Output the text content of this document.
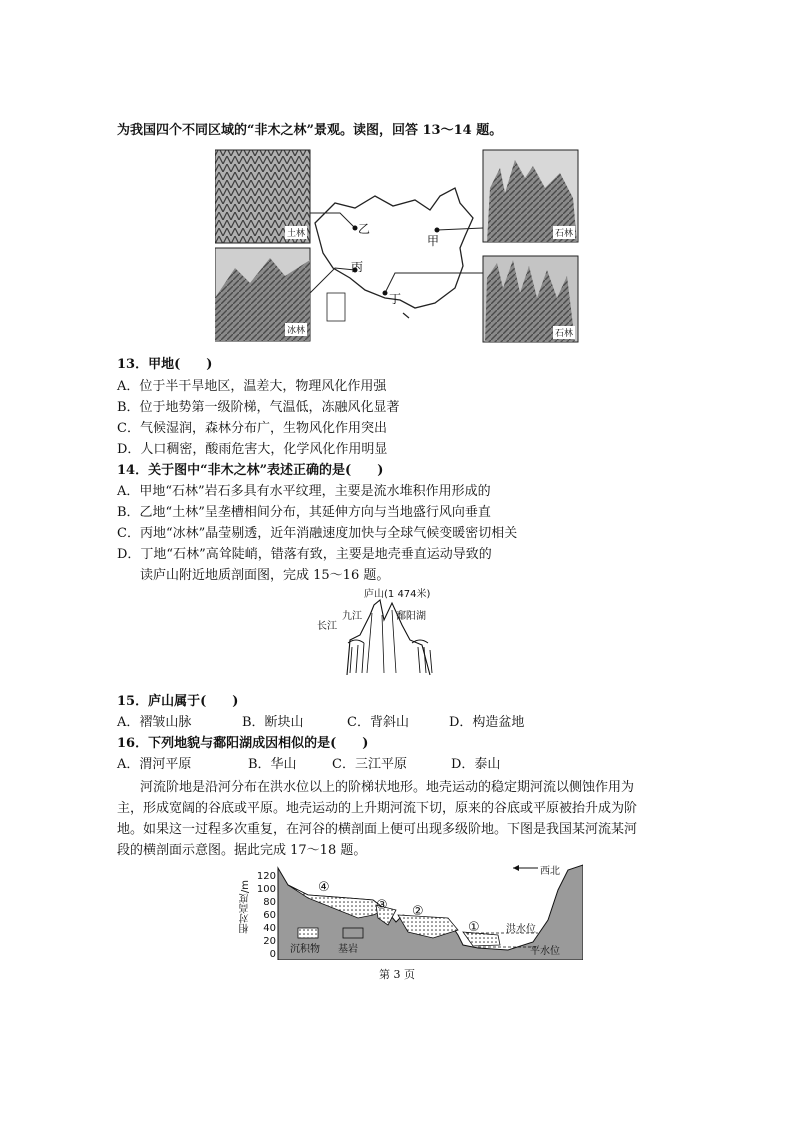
为我国四个不同区域的“非木之林”景观。读图，回答 13～14 题。
土林
冰林
石林
石林
乙
甲
丙
丁
13．甲地(　　)
A．位于半干旱地区，温差大，物理风化作用强
B．位于地势第一级阶梯，气温低，冻融风化显著
C．气候湿润，森林分布广，生物风化作用突出
D．人口稠密，酸雨危害大，化学风化作用明显
14．关于图中“非木之林”表述正确的是(　　)
A．甲地“石林”岩石多具有水平纹理，主要是流水堆积作用形成的
B．乙地“土林”呈垄槽相间分布，其延伸方向与当地盛行风向垂直
C．丙地“冰林”晶莹剔透，近年消融速度加快与全球气候变暖密切相关
D．丁地“石林”高耸陡峭，错落有致，主要是地壳垂直运动导致的
读庐山附近地质剖面图，完成 15～16 题。
庐山(1 474米)
九江
长江
鄱阳湖
15．庐山属于(　　)
A．褶皱山脉	B．断块山	C．背斜山	D．构造盆地
16．下列地貌与鄱阳湖成因相似的是(　　)
A．渭河平原	B．华山	C．三江平原	D．泰山
河流阶地是沿河分布在洪水位以上的阶梯状地形。地壳运动的稳定期河流以侧蚀作用为
主，形成宽阔的谷底或平原。地壳运动的上升期河流下切，原来的谷底或平原被抬升成为阶
地。如果这一过程多次重复，在河谷的横剖面上便可出现多级阶地。下图是我国某河流某河
段的横剖面示意图。据此完成 17～18 题。
相对高度/m
120
100
80
60
40
20
0
西北
④
③ ②
①	洪水位
平水位
沉积物 基岩
第 3 页
